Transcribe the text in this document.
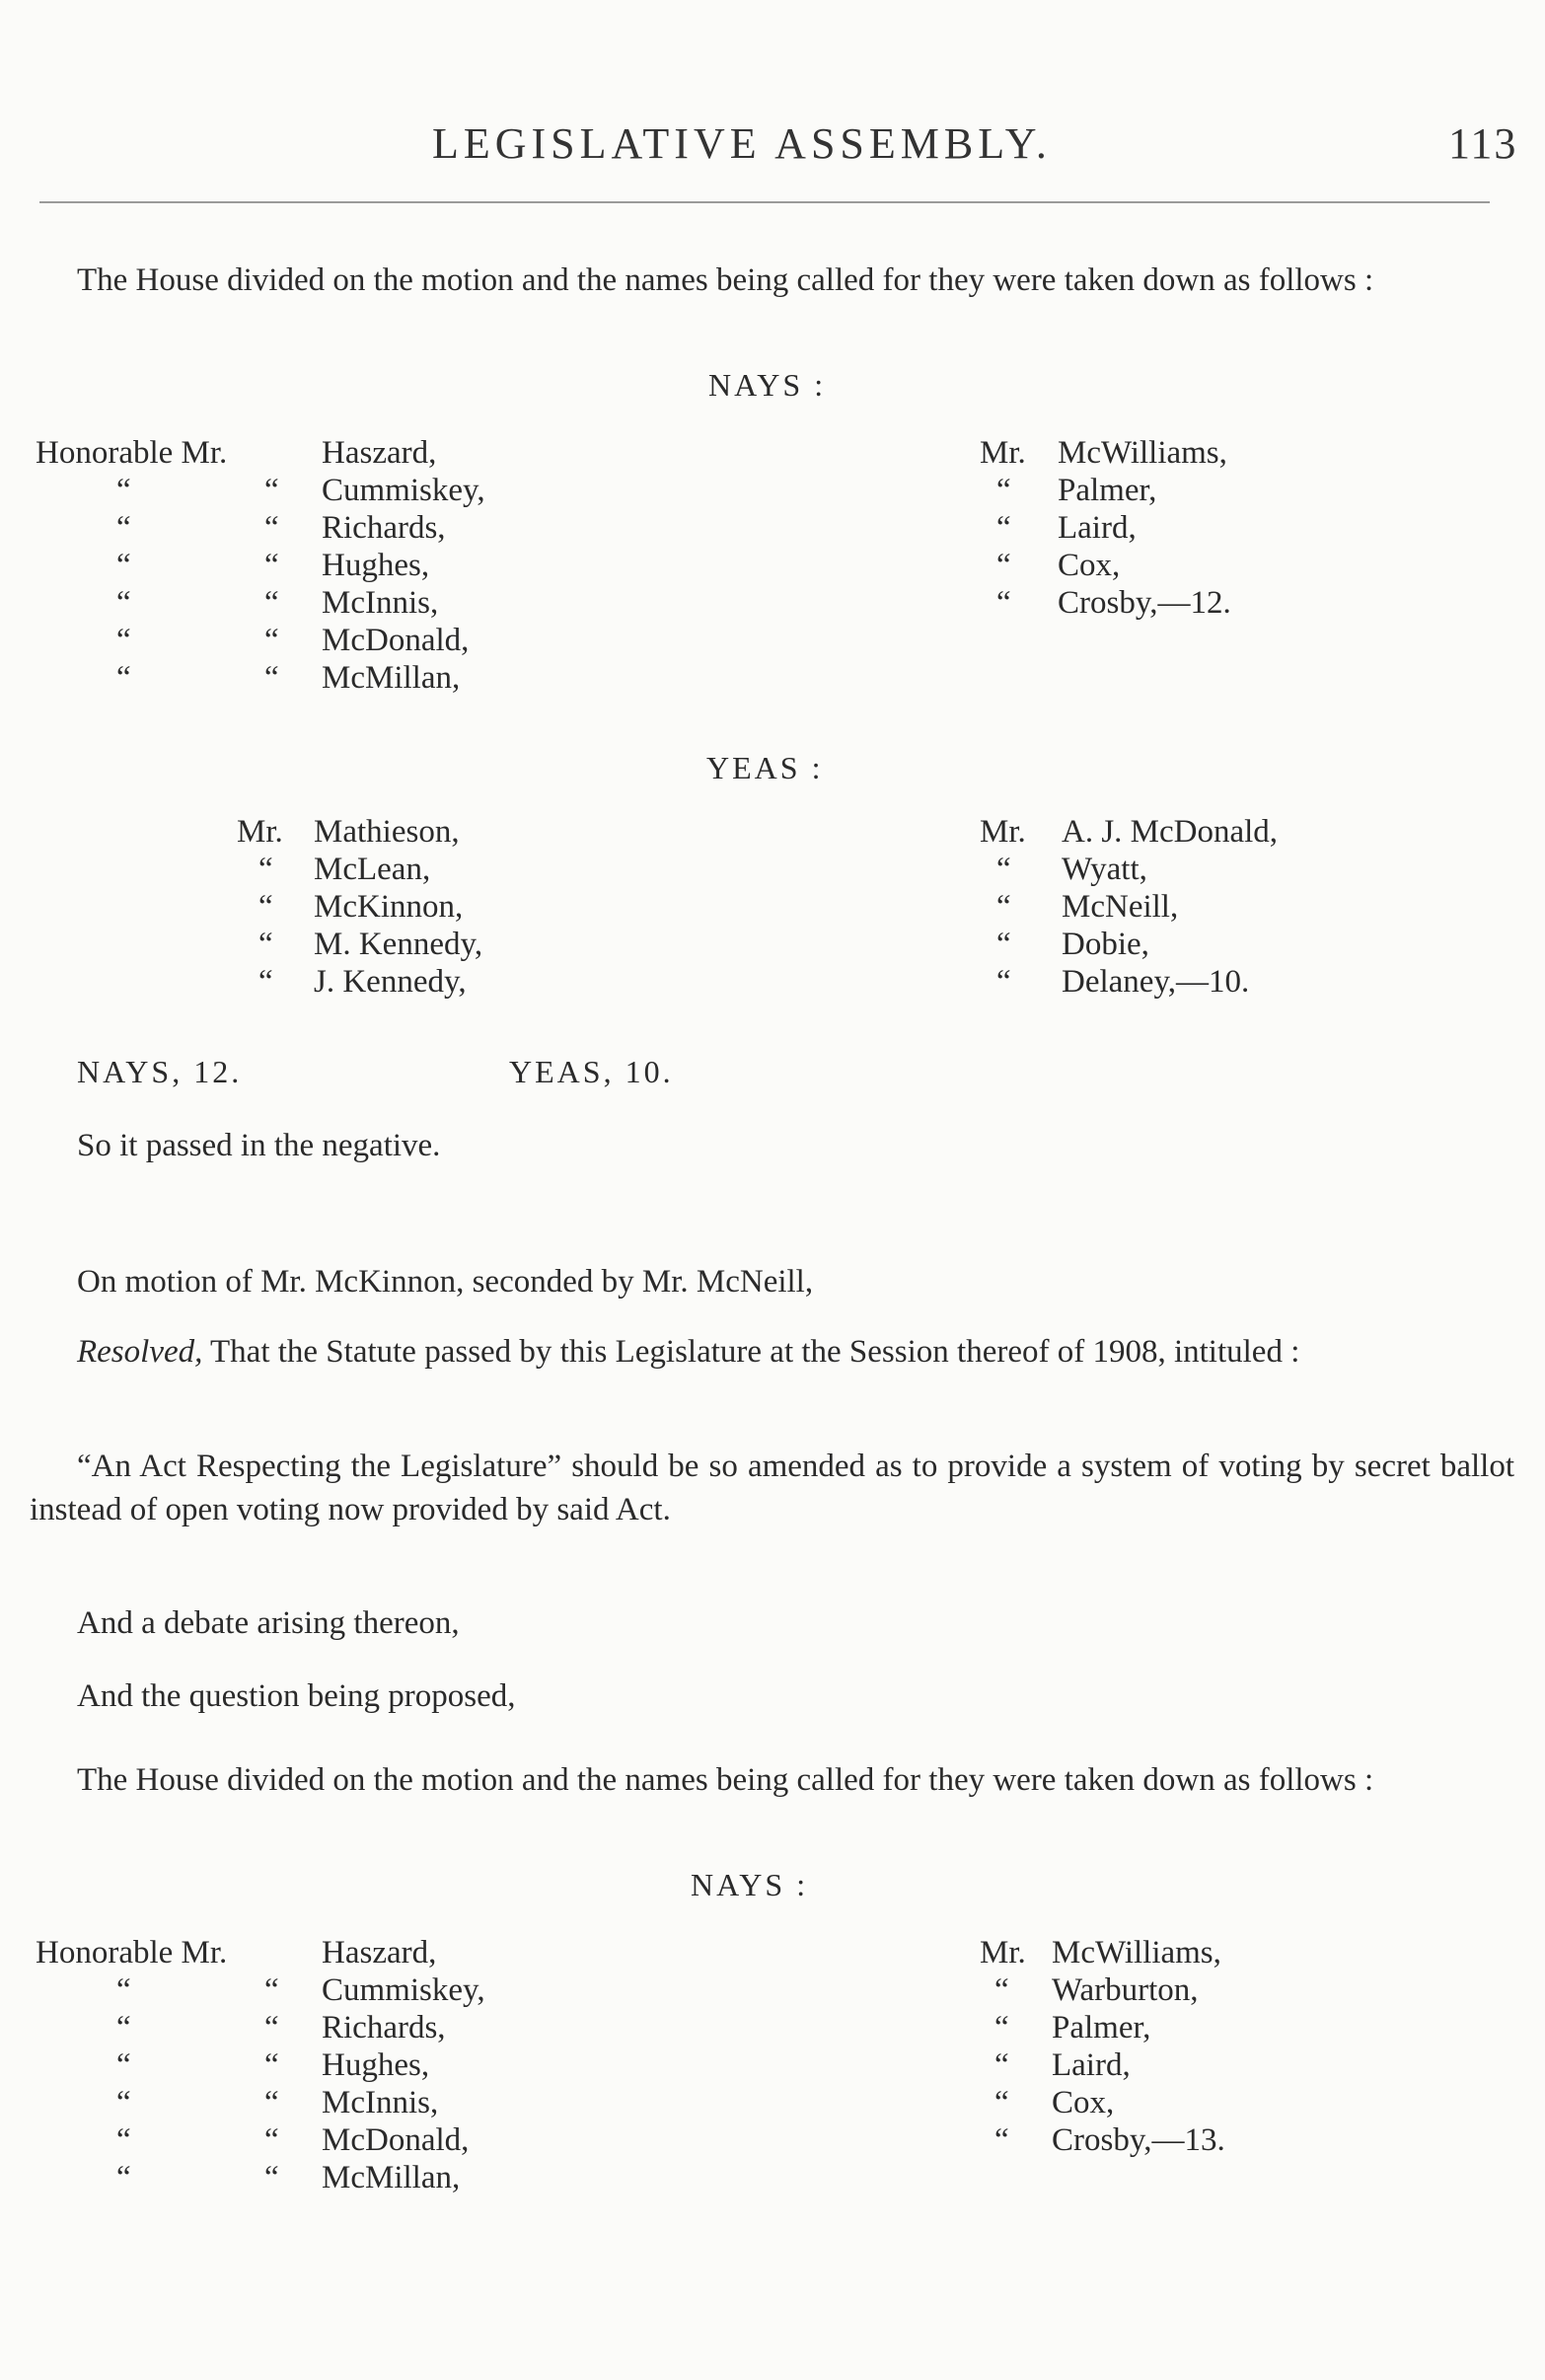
LEGISLATIVE ASSEMBLY.	113
The House divided on the motion and the names being called for they were taken down as follows :
NAYS :
Honorable Mr.	Haszard,
“	“ Cummiskey,
“	“ Richards,
“	“ Hughes,
“	“ McInnis,
“	“ McDonald,
“	“ McMillan,
Mr. McWilliams,
“ Palmer,
“ Laird,
“ Cox,
“ Crosby,—12.
YEAS :
Mr. Mathieson,
“ McLean,
“ McKinnon,
“ M. Kennedy,
“ J. Kennedy,
Mr. A. J. McDonald,
“ Wyatt,
“ McNeill,
“ Dobie,
“ Delaney,—10.
NAYS, 12.	YEAS, 10.
So it passed in the negative.
On motion of Mr. McKinnon, seconded by Mr. McNeill,
Resolved, That the Statute passed by this Legislature at the Session thereof of 1908, intituled :
“An Act Respecting the Legislature” should be so amended as to provide a system of voting by secret ballot instead of open voting now provided by said Act.
And a debate arising thereon,
And the question being proposed,
The House divided on the motion and the names being called for they were taken down as follows :
NAYS :
Honorable Mr.	Haszard,
“	“ Cummiskey,
“	“ Richards,
“	“ Hughes,
“	“ McInnis,
“	“ McDonald,
“	“ McMillan,
Mr. McWilliams,
“ Warburton,
“ Palmer,
“ Laird,
“ Cox,
“ Crosby,—13.
